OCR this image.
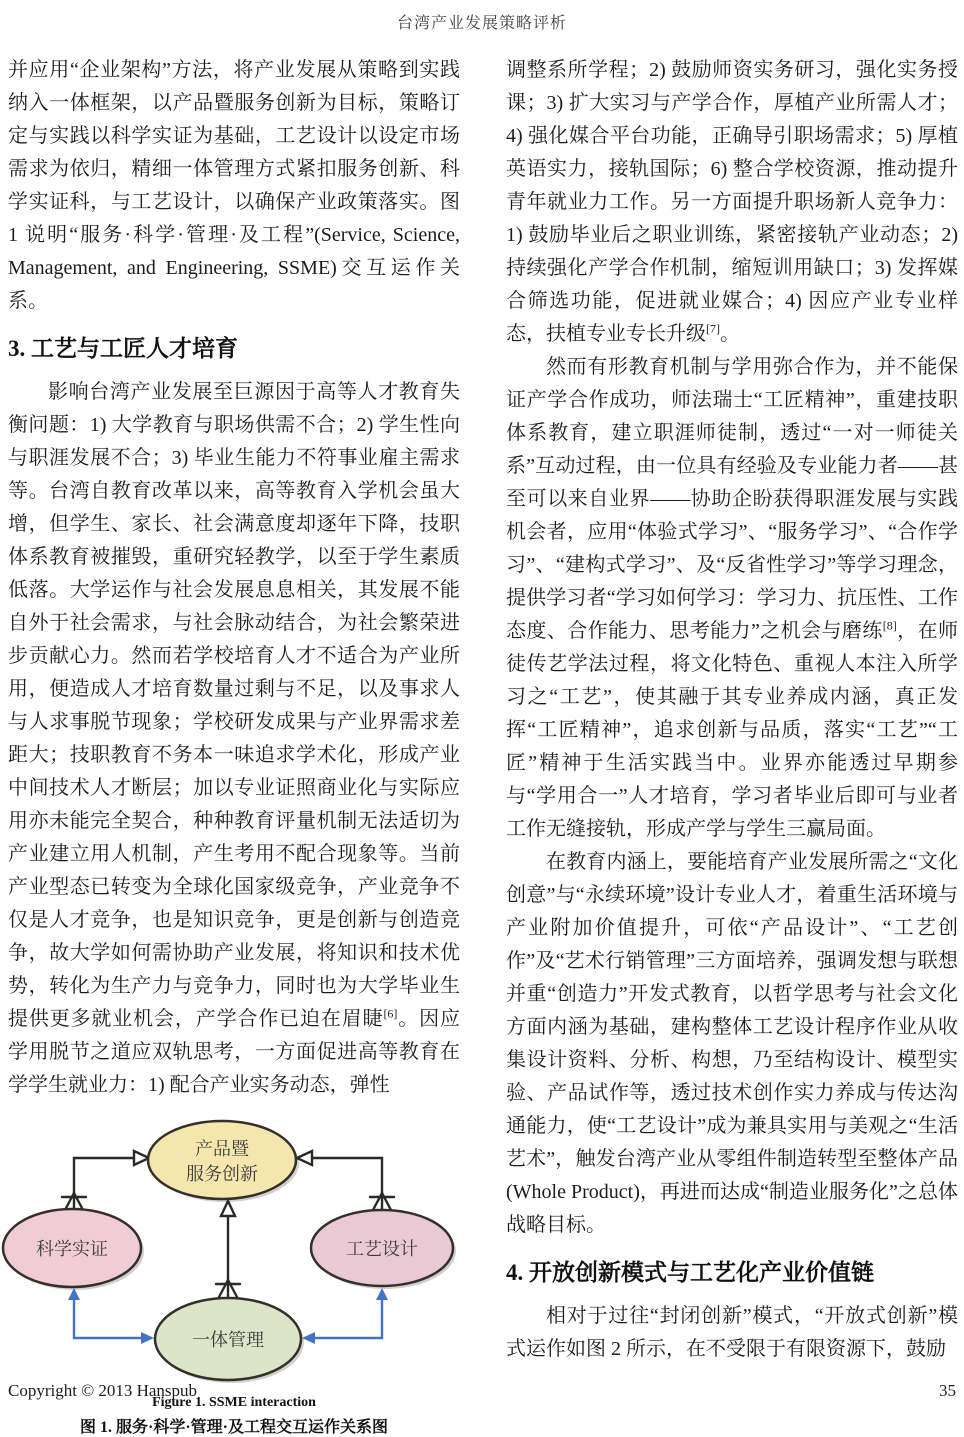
台湾产业发展策略评析

并应用“企业架构”方法，将产业发展从策略到实践纳入一体框架，以产品暨服务创新为目标，策略订定与实践以科学实证为基础，工艺设计以设定市场需求为依归，精细一体管理方式紧扣服务创新、科学实证科，与工艺设计，以确保产业政策落实。图 1 说明“服务·科学·管理·及工程”(Service, Science, Management, and Engineering, SSME)交互运作关系。

3. 工艺与工匠人才培育

影响台湾产业发展至巨源因于高等人才教育失衡问题：1) 大学教育与职场供需不合；2) 学生性向与职涯发展不合；3) 毕业生能力不符事业雇主需求等。台湾自教育改革以来，高等教育入学机会虽大增，但学生、家长、社会满意度却逐年下降，技职体系教育被摧毁，重研究轻教学，以至于学生素质低落。大学运作与社会发展息息相关，其发展不能自外于社会需求，与社会脉动结合，为社会繁荣进步贡献心力。然而若学校培育人才不适合为产业所用，便造成人才培育数量过剩与不足，以及事求人与人求事脱节现象；学校研发成果与产业界需求差距大；技职教育不务本一味追求学术化，形成产业中间技术人才断层；加以专业证照商业化与实际应用亦未能完全契合，种种教育评量机制无法适切为产业建立用人机制，产生考用不配合现象等。当前产业型态已转变为全球化国家级竞争，产业竞争不仅是人才竞争，也是知识竞争，更是创新与创造竞争，故大学如何需协助产业发展，将知识和技术优势，转化为生产力与竞争力，同时也为大学毕业生提供更多就业机会，产学合作已迫在眉睫[6]。因应学用脱节之道应双轨思考，一方面促进高等教育在学学生就业力：1) 配合产业实务动态，弹性

产品暨
服务创新
科学实证	工艺设计
一体管理
Figure 1. SSME interaction
图 1. 服务·科学·管理·及工程交互运作关系图

调整系所学程；2) 鼓励师资实务研习，强化实务授课；3) 扩大实习与产学合作，厚植产业所需人才；4) 强化媒合平台功能，正确导引职场需求；5) 厚植英语实力，接轨国际；6) 整合学校资源，推动提升青年就业力工作。另一方面提升职场新人竞争力：1) 鼓励毕业后之职业训练，紧密接轨产业动态；2) 持续强化产学合作机制，缩短训用缺口；3) 发挥媒合筛选功能，促进就业媒合；4) 因应产业专业样态，扶植专业专长升级[7]。

然而有形教育机制与学用弥合作为，并不能保证产学合作成功，师法瑞士“工匠精神”，重建技职体系教育，建立职涯师徒制，透过“一对一师徒关系”互动过程，由一位具有经验及专业能力者——甚至可以来自业界——协助企盼获得职涯发展与实践机会者，应用“体验式学习”、“服务学习”、“合作学习”、“建构式学习”、及“反省性学习”等学习理念，提供学习者“学习如何学习：学习力、抗压性、工作态度、合作能力、思考能力”之机会与磨练[8]，在师徒传艺学法过程，将文化特色、重视人本注入所学习之“工艺”，使其融于其专业养成内涵，真正发挥“工匠精神”，追求创新与品质，落实“工艺”“工匠”精神于生活实践当中。业界亦能透过早期参与“学用合一”人才培育，学习者毕业后即可与业者工作无缝接轨，形成产学与学生三赢局面。

在教育内涵上，要能培育产业发展所需之“文化创意”与“永续环境”设计专业人才，着重生活环境与产业附加价值提升，可依“产品设计”、“工艺创作”及“艺术行销管理”三方面培养，强调发想与联想并重“创造力”开发式教育，以哲学思考与社会文化方面内涵为基础，建构整体工艺设计程序作业从收集设计资料、分析、构想，乃至结构设计、模型实验、产品试作等，透过技术创作实力养成与传达沟通能力，使“工艺设计”成为兼具实用与美观之“生活艺术”，触发台湾产业从零组件制造转型至整体产品(Whole Product)，再进而达成“制造业服务化”之总体战略目标。

4. 开放创新模式与工艺化产业价值链

相对于过往“封闭创新”模式，“开放式创新”模式运作如图 2 所示，在不受限于有限资源下，鼓励

Copyright © 2013 Hanspub	35
